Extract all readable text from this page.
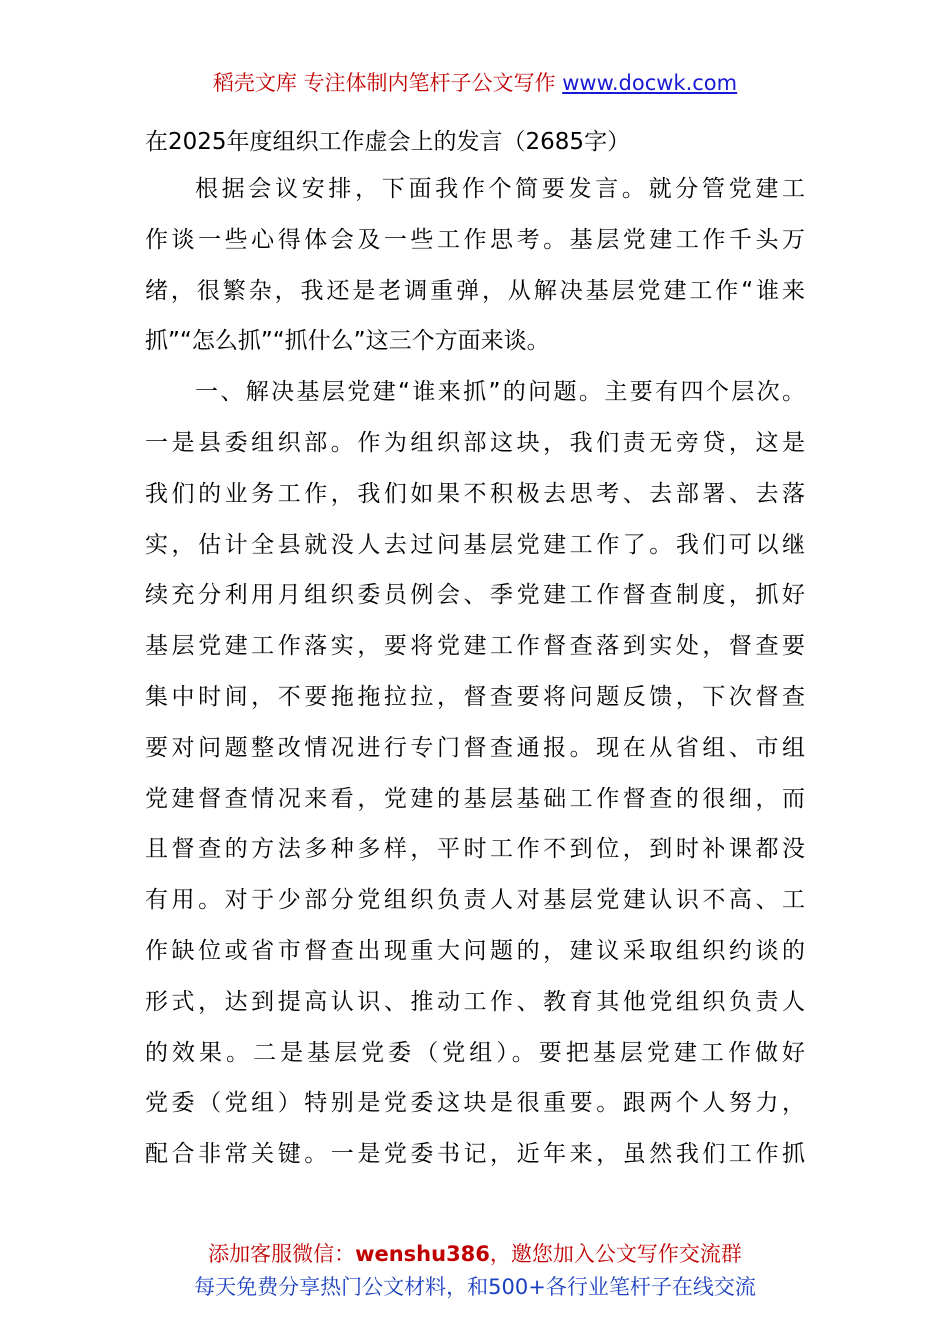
稻壳文库 专注体制内笔杆子公文写作 www.docwk.com
在2025年度组织工作虚会上的发言（2685字）
根据会议安排，下面我作个简要发言。就分管党建工
作谈一些心得体会及一些工作思考。基层党建工作千头万
绪，很繁杂，我还是老调重弹，从解决基层党建工作“谁来
抓”“怎么抓”“抓什么”这三个方面来谈。
一、解决基层党建“谁来抓”的问题。主要有四个层次。
一是县委组织部。作为组织部这块，我们责无旁贷，这是
我们的业务工作，我们如果不积极去思考、去部署、去落
实，估计全县就没人去过问基层党建工作了。我们可以继
续充分利用月组织委员例会、季党建工作督查制度，抓好
基层党建工作落实，要将党建工作督查落到实处，督查要
集中时间，不要拖拖拉拉，督查要将问题反馈，下次督查
要对问题整改情况进行专门督查通报。现在从省组、市组
党建督查情况来看，党建的基层基础工作督查的很细，而
且督查的方法多种多样，平时工作不到位，到时补课都没
有用。对于少部分党组织负责人对基层党建认识不高、工
作缺位或省市督查出现重大问题的，建议采取组织约谈的
形式，达到提高认识、推动工作、教育其他党组织负责人
的效果。二是基层党委（党组）。要把基层党建工作做好
党委（党组）特别是党委这块是很重要。跟两个人努力，
配合非常关键。一是党委书记，近年来，虽然我们工作抓
添加客服微信：wenshu386，邀您加入公文写作交流群
每天免费分享热门公文材料，和500+各行业笔杆子在线交流
